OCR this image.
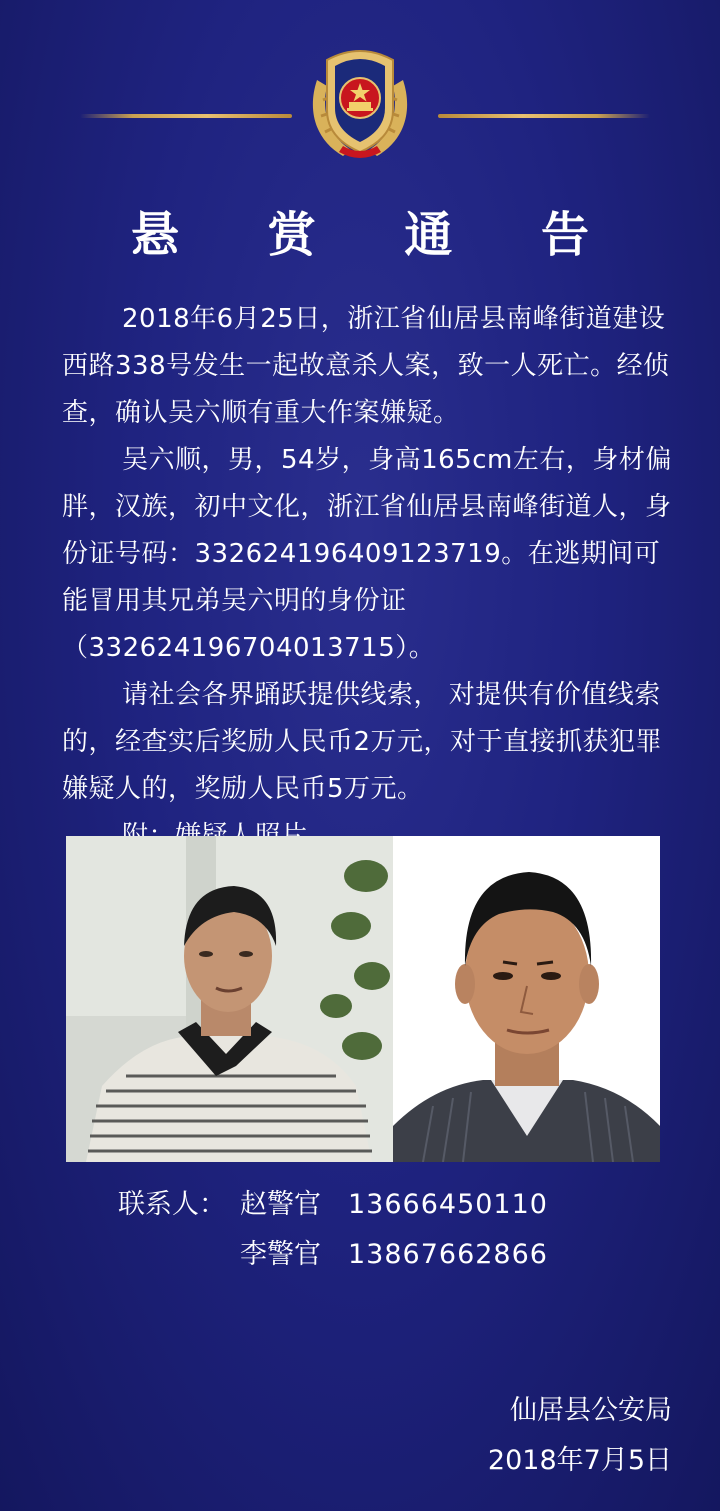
悬 赏 通 告

2018年6月25日，浙江省仙居县南峰街道建设西路338号发生一起故意杀人案，致一人死亡。经侦查，确认吴六顺有重大作案嫌疑。

吴六顺，男，54岁，身高165cm左右，身材偏胖，汉族，初中文化，浙江省仙居县南峰街道人，身份证号码：332624196409123719。在逃期间可能冒用其兄弟吴六明的身份证（332624196704013715）。

请社会各界踊跃提供线索， 对提供有价值线索的，经查实后奖励人民币2万元，对于直接抓获犯罪嫌疑人的，奖励人民币5万元。

联系人： 赵警官	13666450110
李警官	13867662866
仙居县公安局
2018年7月5日
